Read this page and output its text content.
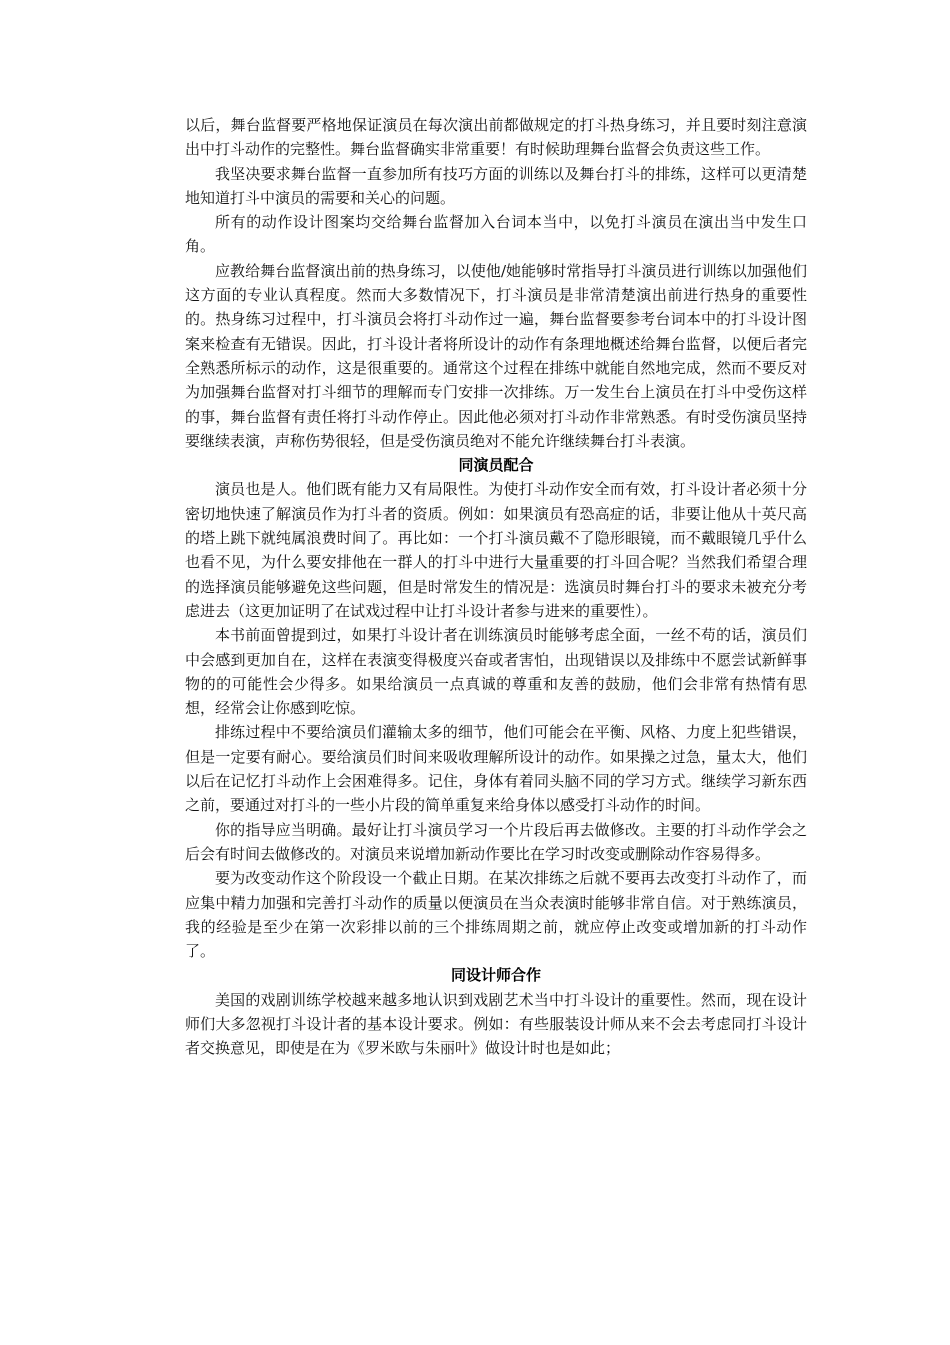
以后，舞台监督要严格地保证演员在每次演出前都做规定的打斗热身练习，并且要时刻注意演出中打斗动作的完整性。舞台监督确实非常重要！有时候助理舞台监督会负责这些工作。

我坚决要求舞台监督一直参加所有技巧方面的训练以及舞台打斗的排练，这样可以更清楚地知道打斗中演员的需要和关心的问题。

所有的动作设计图案均交给舞台监督加入台词本当中，以免打斗演员在演出当中发生口角。

应教给舞台监督演出前的热身练习，以使他/她能够时常指导打斗演员进行训练以加强他们这方面的专业认真程度。然而大多数情况下，打斗演员是非常清楚演出前进行热身的重要性的。热身练习过程中，打斗演员会将打斗动作过一遍，舞台监督要参考台词本中的打斗设计图案来检查有无错误。因此，打斗设计者将所设计的动作有条理地概述给舞台监督，以便后者完全熟悉所标示的动作，这是很重要的。通常这个过程在排练中就能自然地完成，然而不要反对为加强舞台监督对打斗细节的理解而专门安排一次排练。万一发生台上演员在打斗中受伤这样的事，舞台监督有责任将打斗动作停止。因此他必须对打斗动作非常熟悉。有时受伤演员坚持要继续表演，声称伤势很轻，但是受伤演员绝对不能允许继续舞台打斗表演。

同演员配合

演员也是人。他们既有能力又有局限性。为使打斗动作安全而有效，打斗设计者必须十分密切地快速了解演员作为打斗者的资质。例如：如果演员有恐高症的话，非要让他从十英尺高的塔上跳下就纯属浪费时间了。再比如：一个打斗演员戴不了隐形眼镜，而不戴眼镜几乎什么也看不见，为什么要安排他在一群人的打斗中进行大量重要的打斗回合呢？当然我们希望合理的选择演员能够避免这些问题，但是时常发生的情况是：选演员时舞台打斗的要求未被充分考虑进去（这更加证明了在试戏过程中让打斗设计者参与进来的重要性）。

本书前面曾提到过，如果打斗设计者在训练演员时能够考虑全面，一丝不苟的话，演员们中会感到更加自在，这样在表演变得极度兴奋或者害怕，出现错误以及排练中不愿尝试新鲜事物的的可能性会少得多。如果给演员一点真诚的尊重和友善的鼓励，他们会非常有热情有思想，经常会让你感到吃惊。

排练过程中不要给演员们灌输太多的细节，他们可能会在平衡、风格、力度上犯些错误，但是一定要有耐心。要给演员们时间来吸收理解所设计的动作。如果操之过急，量太大，他们以后在记忆打斗动作上会困难得多。记住，身体有着同头脑不同的学习方式。继续学习新东西之前，要通过对打斗的一些小片段的简单重复来给身体以感受打斗动作的时间。

你的指导应当明确。最好让打斗演员学习一个片段后再去做修改。主要的打斗动作学会之后会有时间去做修改的。对演员来说增加新动作要比在学习时改变或删除动作容易得多。

要为改变动作这个阶段设一个截止日期。在某次排练之后就不要再去改变打斗动作了，而应集中精力加强和完善打斗动作的质量以便演员在当众表演时能够非常自信。对于熟练演员，我的经验是至少在第一次彩排以前的三个排练周期之前，就应停止改变或增加新的打斗动作了。

同设计师合作

美国的戏剧训练学校越来越多地认识到戏剧艺术当中打斗设计的重要性。然而，现在设计师们大多忽视打斗设计者的基本设计要求。例如：有些服装设计师从来不会去考虑同打斗设计者交换意见，即使是在为《罗米欧与朱丽叶》做设计时也是如此；
